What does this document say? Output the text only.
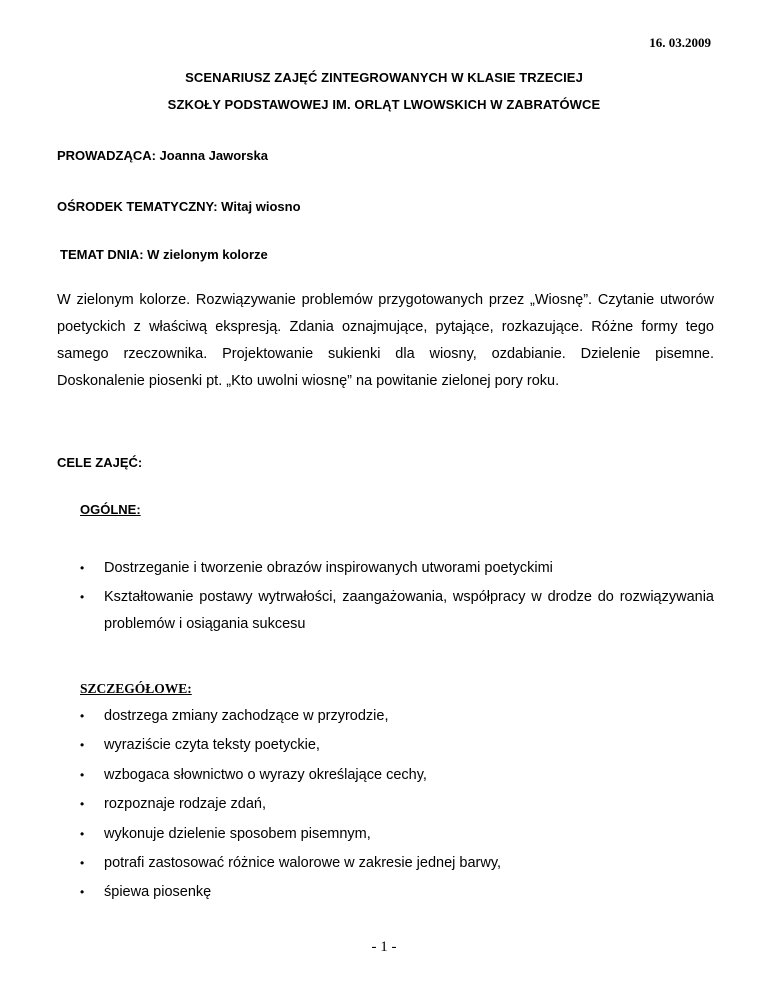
16. 03.2009
SCENARIUSZ ZAJĘĆ ZINTEGROWANYCH W KLASIE TRZECIEJ
SZKOŁY PODSTAWOWEJ IM. ORLĄT LWOWSKICH W ZABRATÓWCE
PROWADZĄCA: Joanna Jaworska
OŚRODEK TEMATYCZNY: Witaj wiosno
TEMAT DNIA: W zielonym kolorze
W zielonym kolorze. Rozwiązywanie problemów przygotowanych przez „Wiosnę”. Czytanie utworów poetyckich z właściwą ekspresją. Zdania oznajmujące, pytające, rozkazujące. Różne formy tego samego rzeczownika. Projektowanie sukienki dla wiosny, ozdabianie. Dzielenie pisemne. Doskonalenie piosenki pt. „Kto uwolni wiosnę” na powitanie zielonej pory roku.
CELE ZAJĘĆ:
OGÓLNE:
• Dostrzeganie i tworzenie obrazów inspirowanych utworami poetyckimi
• Kształtowanie postawy wytrwałości, zaangażowania, współpracy w drodze do rozwiązywania problemów i osiągania sukcesu
SZCZEGÓŁOWE:
• dostrzega zmiany zachodzące w przyrodzie,
• wyraziście czyta teksty poetyckie,
• wzbogaca słownictwo o wyrazy określające cechy,
• rozpoznaje rodzaje zdań,
• wykonuje dzielenie sposobem pisemnym,
• potrafi zastosować różnice walorowe w zakresie jednej barwy,
• śpiewa piosenkę
- 1 -
